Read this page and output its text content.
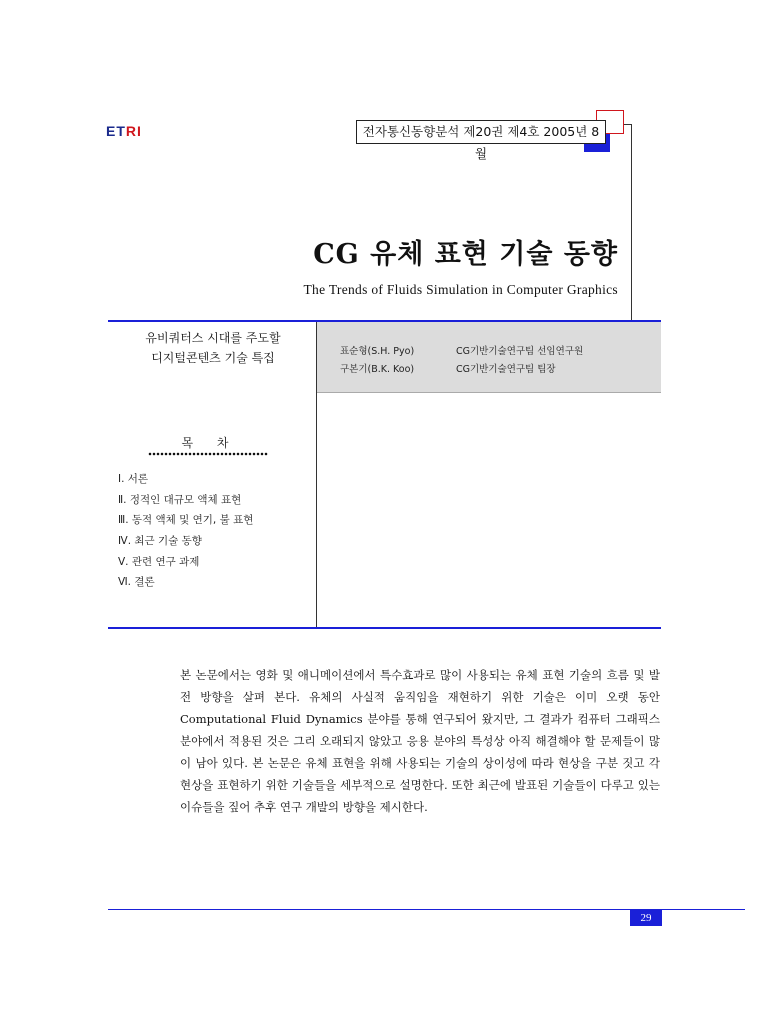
ETRI	전자통신동향분석 제20권 제4호 2005년 8월
CG 유체 표현 기술 동향
The Trends of Fluids Simulation in Computer Graphics
유비쿼터스 시대를 주도할
디지털콘텐츠 기술 특집	표순형(S.H. Pyo)	CG기반기술연구팀 선임연구원
구본기(B.K. Koo)	CG기반기술연구팀 팀장
목 차
Ⅰ. 서론
Ⅱ. 정적인 대규모 액체 표현
Ⅲ. 동적 액체 및 연기, 불 표현
Ⅳ. 최근 기술 동향
Ⅴ. 관련 연구 과제
Ⅵ. 결론

본 논문에서는 영화 및 애니메이션에서 특수효과로 많이 사용되는 유체 표현 기술의 흐름 및 발전 방향을 살펴 본다. 유체의 사실적 움직임을 재현하기 위한 기술은 이미 오랫 동안 Computational Fluid Dynamics 분야를 통해 연구되어 왔지만, 그 결과가 컴퓨터 그래픽스 분야에서 적용된 것은 그리 오래되지 않았고 응용 분야의 특성상 아직 해결해야 할 문제들이 많이 남아 있다. 본 논문은 유체 표현을 위해 사용되는 기술의 상이성에 따라 현상을 구분 짓고 각 현상을 표현하기 위한 기술들을 세부적으로 설명한다. 또한 최근에 발표된 기술들이 다루고 있는 이슈들을 짚어 추후 연구 개발의 방향을 제시한다.

29
